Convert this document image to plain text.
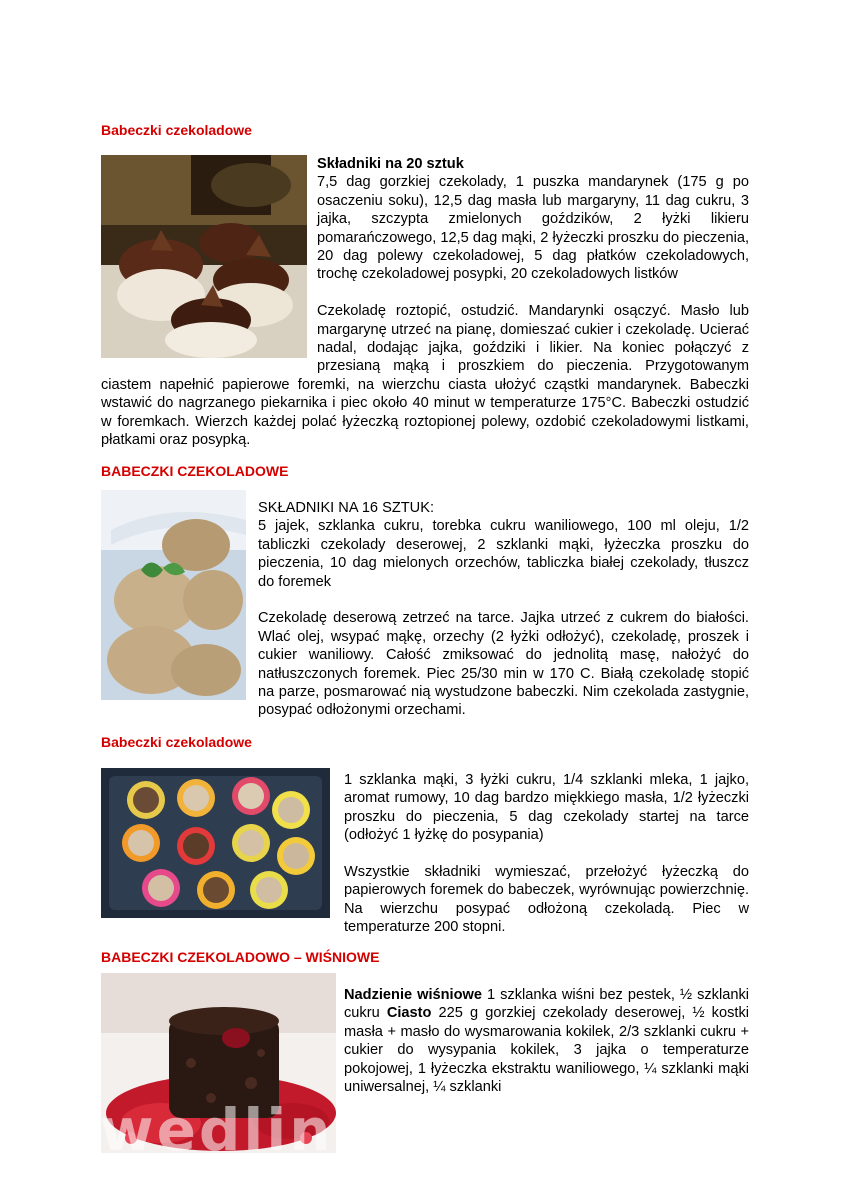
Babeczki czekoladowe

Składniki na 20 sztuk
7,5 dag gorzkiej czekolady, 1 puszka mandarynek (175 g po osaczeniu soku), 12,5 dag masła lub margaryny, 11 dag cukru, 3 jajka, szczypta zmielonych goździków, 2 łyżki likieru pomarańczowego, 12,5 dag mąki, 2 łyżeczki proszku do pieczenia, 20 dag polewy czekoladowej, 5 dag płatków czekoladowych, trochę czekoladowej posypki, 20 czekoladowych listków

Czekoladę roztopić, ostudzić. Mandarynki osączyć. Masło lub margarynę utrzeć na pianę, domieszać cukier i czekoladę. Ucierać nadal, dodając jajka, goździki i likier. Na koniec połączyć z przesianą mąką i proszkiem do pieczenia. Przygotowanym ciastem napełnić papierowe foremki, na wierzchu ciasta ułożyć cząstki mandarynek. Babeczki wstawić do nagrzanego piekarnika i piec około 40 minut w temperaturze 175°C. Babeczki ostudzić w foremkach. Wierzch każdej polać łyżeczką roztopionej polewy, ozdobić czekoladowymi listkami, płatkami oraz posypką.

BABECZKI CZEKOLADOWE

SKŁADNIKI NA 16 SZTUK:
5 jajek, szklanka cukru, torebka cukru waniliowego, 100 ml oleju, 1/2 tabliczki czekolady deserowej, 2 szklanki mąki, łyżeczka proszku do pieczenia, 10 dag mielonych orzechów, tabliczka białej czekolady, tłuszcz do foremek

Czekoladę deserową zetrzeć na tarce. Jajka utrzeć z cukrem do białości. Wlać olej, wsypać mąkę, orzechy (2 łyżki odłożyć), czekoladę, proszek i cukier waniliowy. Całość zmiksować do jednolitą masę, nałożyć do natłuszczonych foremek. Piec 25/30 min w 170 C. Białą czekoladę stopić na parze, posmarować nią wystudzone babeczki. Nim czekolada zastygnie, posypać odłożonymi orzechami.

Babeczki czekoladowe

1 szklanka mąki, 3 łyżki cukru, 1/4 szklanki mleka, 1 jajko, aromat rumowy, 10 dag bardzo miękkiego masła, 1/2 łyżeczki proszku do pieczenia, 5 dag czekolady startej na tarce (odłożyć 1 łyżkę do posypania)

Wszystkie składniki wymieszać, przełożyć łyżeczką do papierowych foremek do babeczek, wyrównując powierzchnię. Na wierzchu posypać odłożoną czekoladą. Piec w temperaturze 200 stopni.

BABECZKI CZEKOLADOWO – WIŚNIOWE

Nadzienie wiśniowe 1 szklanka wiśni bez pestek, ½ szklanki cukru Ciasto 225 g gorzkiej czekolady deserowej, ½ kostki masła + masło do wysmarowania kokilek, 2/3 szklanki cukru + cukier do wysypania kokilek, 3 jajka o temperaturze pokojowej, 1 łyżeczka ekstraktu waniliowego, ¼ szklanki mąki uniwersalnej, ¼ szklanki

wedlinydomowe.pl
